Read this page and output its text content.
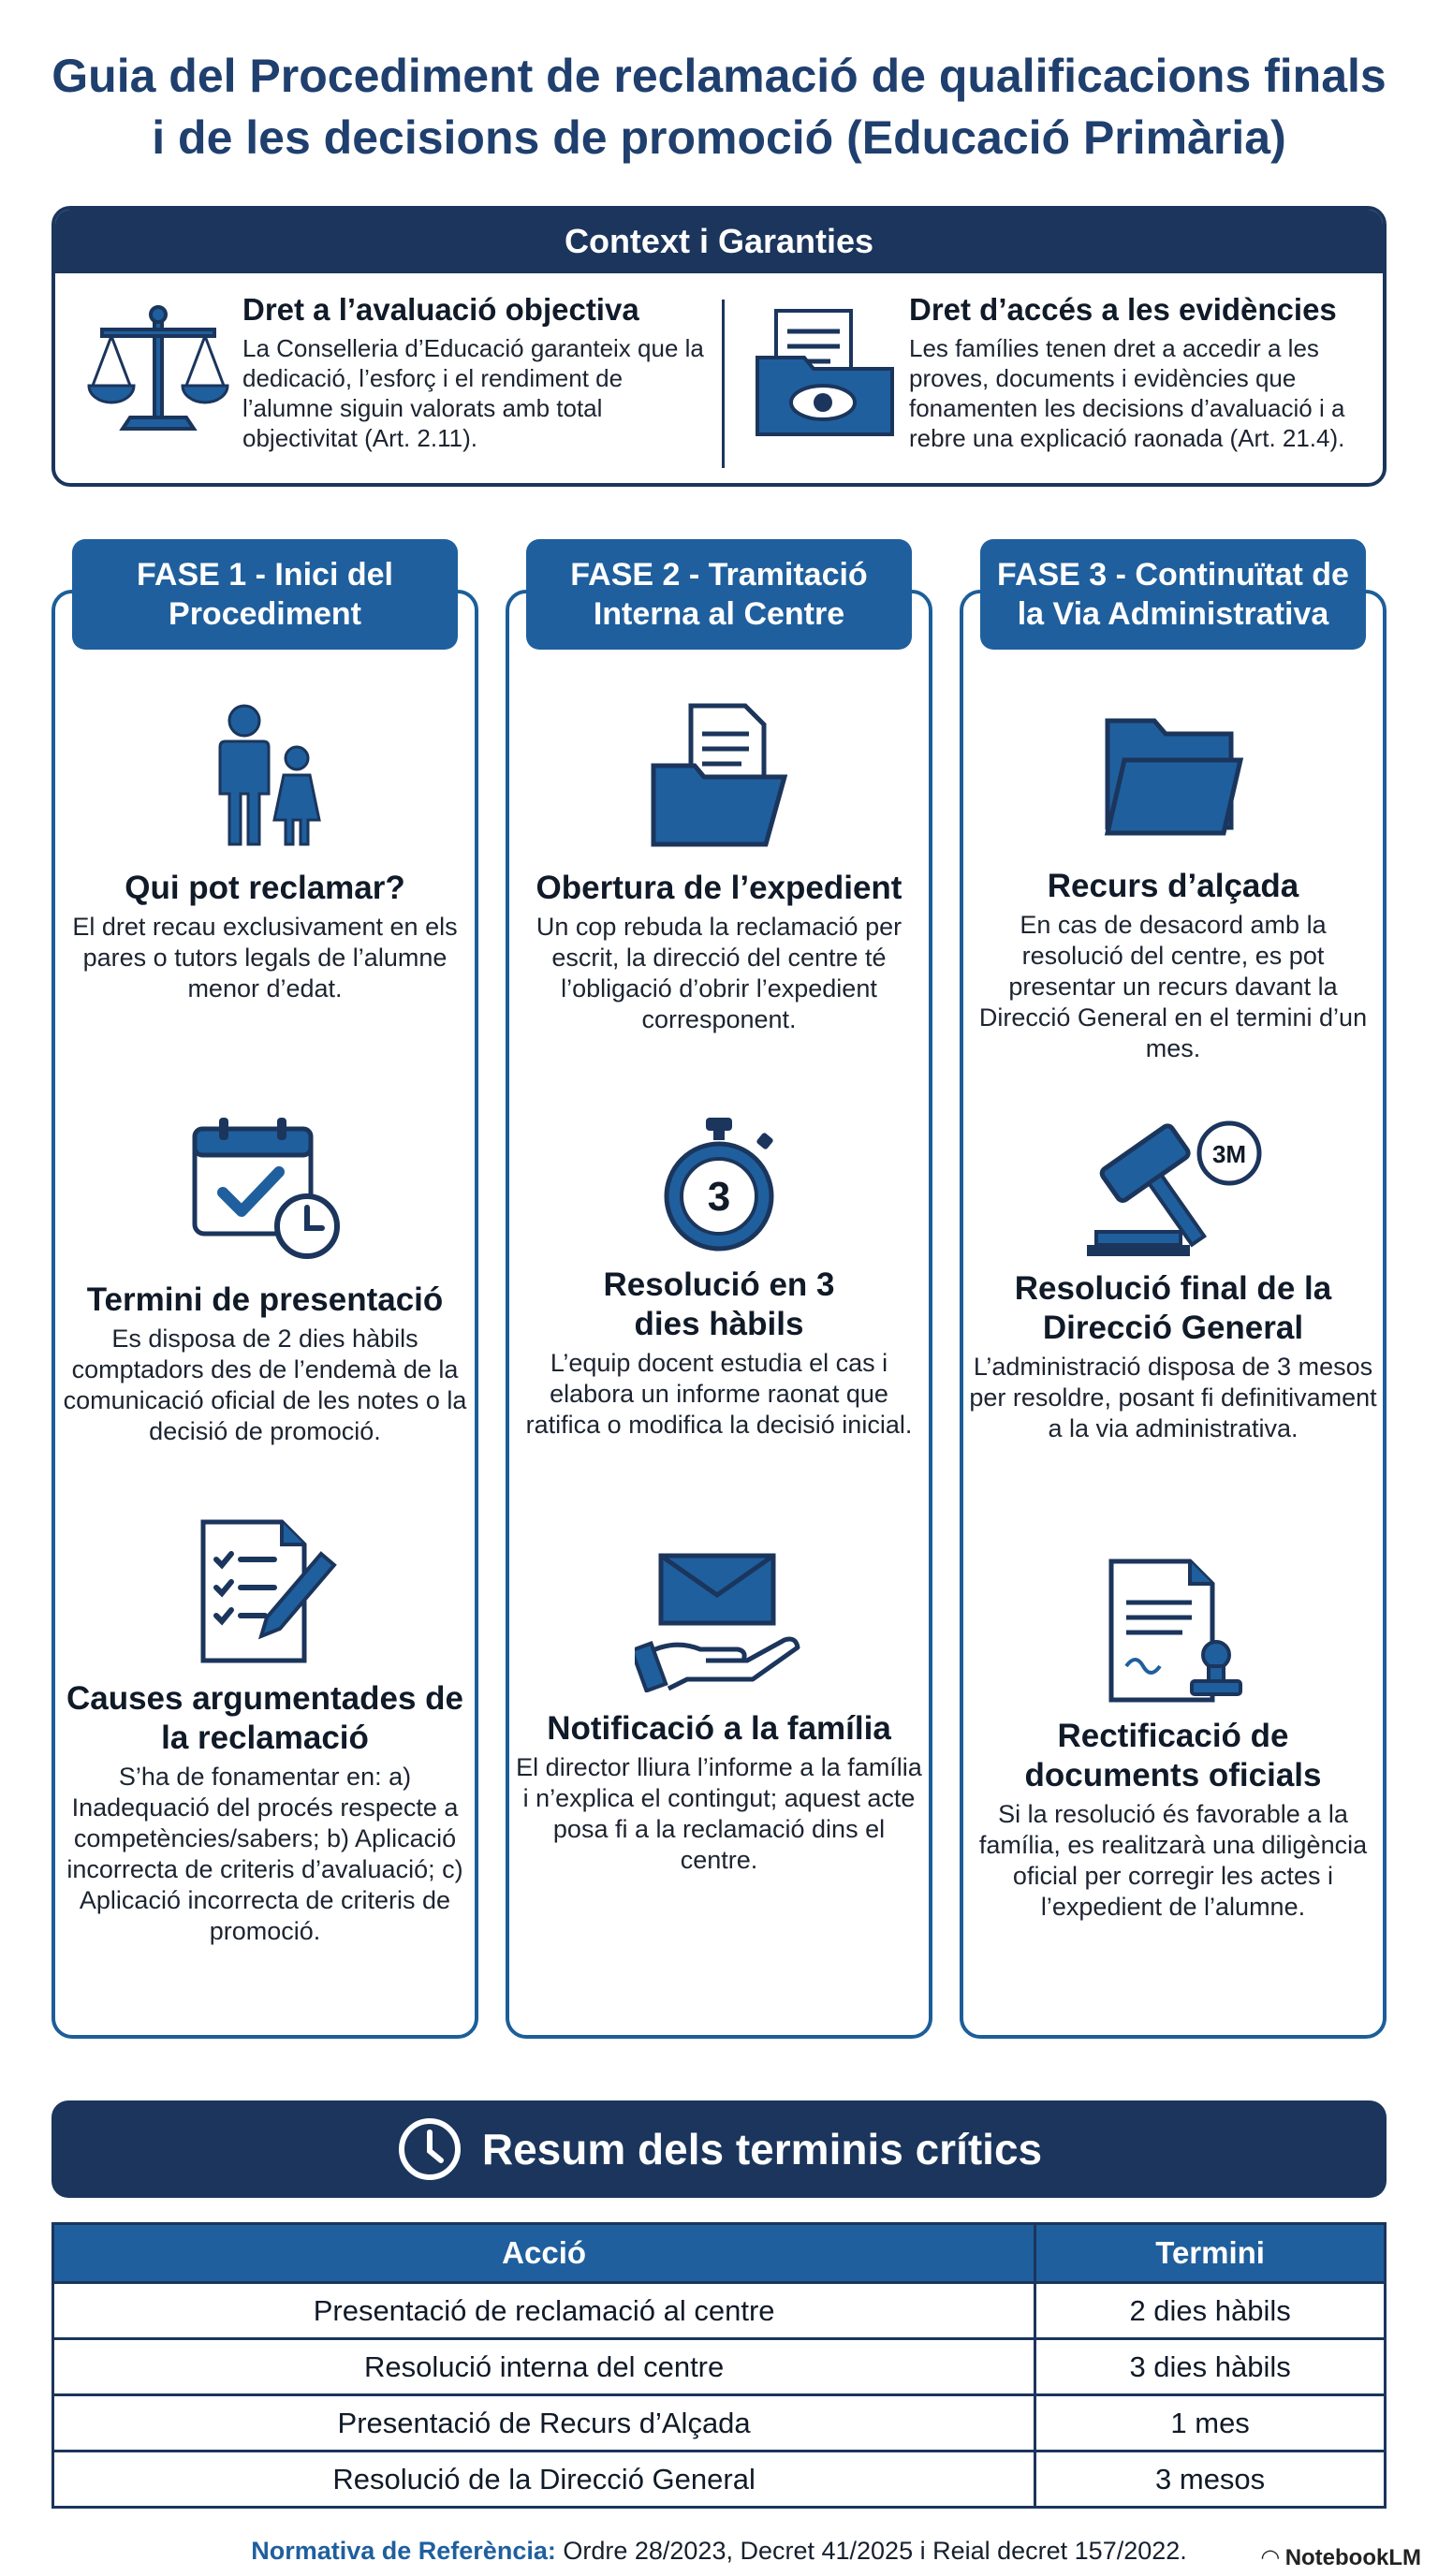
Guia del Procediment de reclamació de qualificacions finals
i de les decisions de promoció (Educació Primària)
Context i Garanties
Dret a l’avaluació objectiva

La Conselleria d’Educació garanteix que la dedicació, l’esforç i el rendiment de l’alumne siguin valorats amb total objectivitat (Art. 2.11).

Dret d’accés a les evidències

Les famílies tenen dret a accedir a les proves, documents i evidències que fonamenten les decisions d’avaluació i a rebre una explicació raonada (Art. 21.4).

FASE 1 - Inici del Procediment
Qui pot reclamar?

El dret recau exclusivament en els pares o tutors legals de l’alumne menor d’edat.

Termini de presentació

Es disposa de 2 dies hàbils comptadors des de l’endemà de la comunicació oficial de les notes o la decisió de promoció.

Causes argumentades de la reclamació

S’ha de fonamentar en: a) Inadequació del procés respecte a competències/sabers; b) Aplicació incorrecta de criteris d’avaluació; c) Aplicació incorrecta de criteris de promoció.

FASE 2 - Tramitació Interna al Centre
Obertura de l’expedient

Un cop rebuda la reclamació per escrit, la direcció del centre té l’obligació d’obrir l’expedient corresponent.

3
Resolució en 3 dies hàbils

L’equip docent estudia el cas i elabora un informe raonat que ratifica o modifica la decisió inicial.

Notificació a la família

El director lliura l’informe a la família i n’explica el contingut; aquest acte posa fi a la reclamació dins el centre.

FASE 3 - Continuïtat de la Via Administrativa
Recurs d’alçada

En cas de desacord amb la resolució del centre, es pot presentar un recurs davant la Direcció General en el termini d’un mes.

3M
Resolució final de la Direcció General

L’administració disposa de 3 mesos per resoldre, posant fi definitivament a la via administrativa.

Rectificació de documents oficials

Si la resolució és favorable a la família, es realitzarà una diligència oficial per corregir les actes i l’expedient de l’alumne.

Resum dels terminis crítics
Acció	Termini
Presentació de reclamació al centre	2 dies hàbils
Resolució interna del centre	3 dies hàbils
Presentació de Recurs d’Alçada	1 mes
Resolució de la Direcció General	3 mesos
Normativa de Referència: Ordre 28/2023, Decret 41/2025 i Reial decret 157/2022.	◠ NotebookLM
